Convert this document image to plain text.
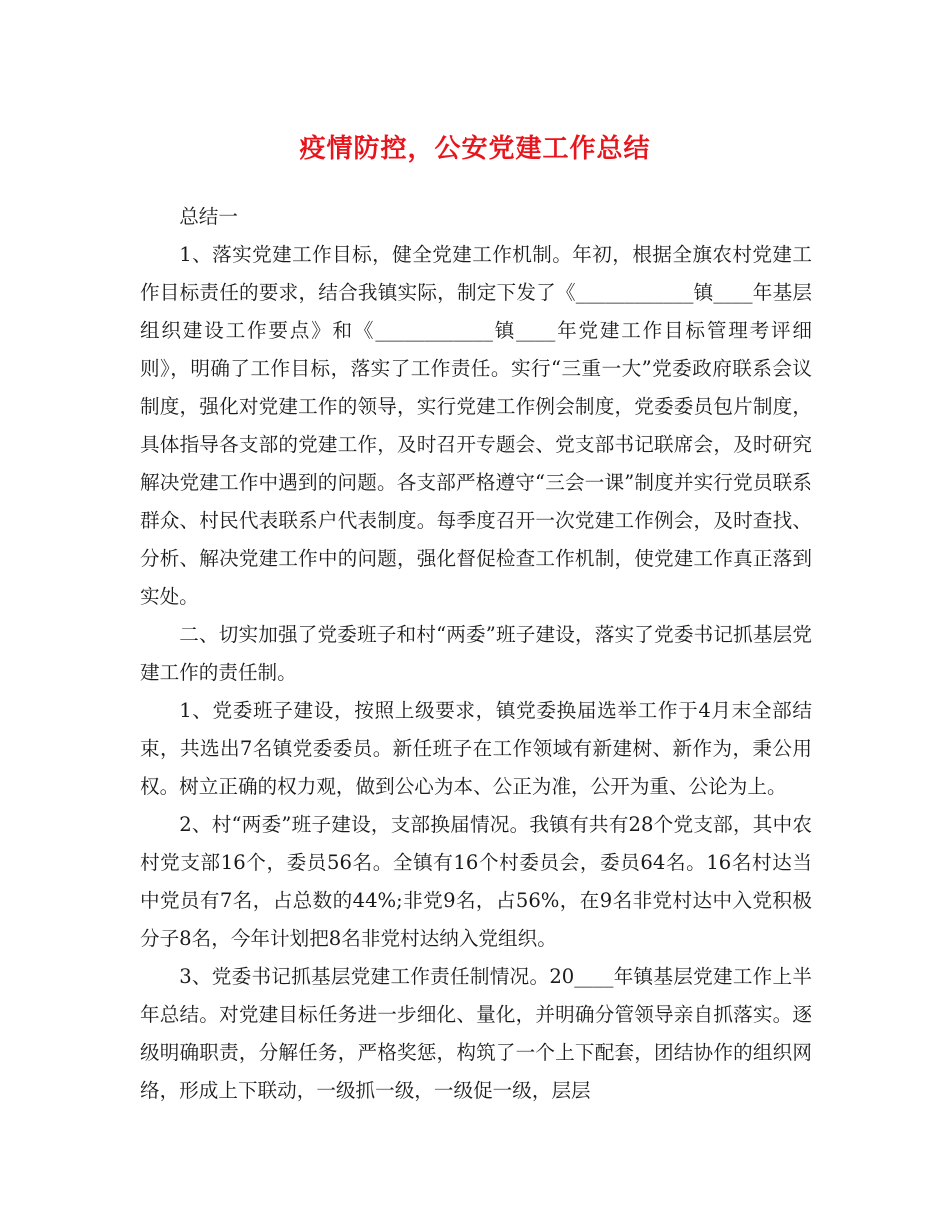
疫情防控，公安党建工作总结

总结一

1、落实党建工作目标，健全党建工作机制。年初，根据全旗农村党建工作目标责任的要求，结合我镇实际，制定下发了《____________镇____年基层组织建设工作要点》和《____________镇____年党建工作目标管理考评细则》，明确了工作目标，落实了工作责任。实行“三重一大”党委政府联系会议制度，强化对党建工作的领导，实行党建工作例会制度，党委委员包片制度，具体指导各支部的党建工作，及时召开专题会、党支部书记联席会，及时研究解决党建工作中遇到的问题。各支部严格遵守“三会一课”制度并实行党员联系群众、村民代表联系户代表制度。每季度召开一次党建工作例会，及时查找、分析、解决党建工作中的问题，强化督促检查工作机制，使党建工作真正落到实处。

二、切实加强了党委班子和村“两委”班子建设，落实了党委书记抓基层党建工作的责任制。

1、党委班子建设，按照上级要求，镇党委换届选举工作于4月末全部结束，共选出7名镇党委委员。新任班子在工作领域有新建树、新作为，秉公用权。树立正确的权力观，做到公心为本、公正为准，公开为重、公论为上。

2、村“两委”班子建设，支部换届情况。我镇有共有28个党支部，其中农村党支部16个，委员56名。全镇有16个村委员会，委员64名。16名村达当中党员有7名，占总数的44%;非党9名，占56%，在9名非党村达中入党积极分子8名，今年计划把8名非党村达纳入党组织。

3、党委书记抓基层党建工作责任制情况。20____年镇基层党建工作上半年总结。对党建目标任务进一步细化、量化，并明确分管领导亲自抓落实。逐级明确职责，分解任务，严格奖惩，构筑了一个上下配套，团结协作的组织网络，形成上下联动，一级抓一级，一级促一级，层层
